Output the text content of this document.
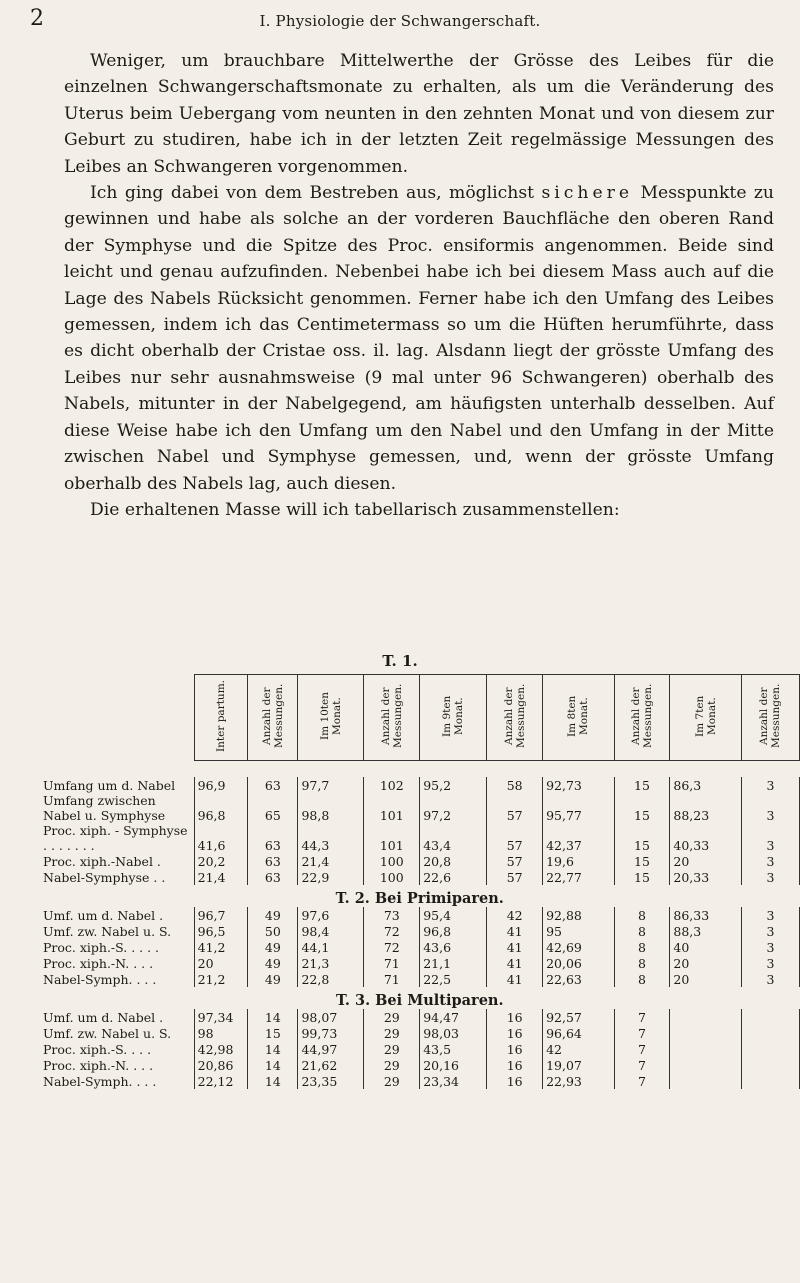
2	I. Physiologie der Schwangerschaft.

Weniger, um brauchbare Mittelwerthe der Grösse des Leibes für die einzelnen Schwangerschaftsmonate zu erhalten, als um die Veränderung des Uterus beim Uebergang vom neunten in den zehnten Monat und von diesem zur Geburt zu studiren, habe ich in der letzten Zeit regelmässige Messungen des Leibes an Schwangeren vorgenommen.

Ich ging dabei von dem Bestreben aus, möglichst sichere Messpunkte zu gewinnen und habe als solche an der vorderen Bauchfläche den oberen Rand der Symphyse und die Spitze des Proc. ensiformis angenommen. Beide sind leicht und genau aufzufinden. Nebenbei habe ich bei diesem Mass auch auf die Lage des Nabels Rücksicht genommen. Ferner habe ich den Umfang des Leibes gemessen, indem ich das Centimetermass so um die Hüften herumführte, dass es dicht oberhalb der Cristae oss. il. lag. Alsdann liegt der grösste Umfang des Leibes nur sehr ausnahmsweise (9 mal unter 96 Schwangeren) oberhalb des Nabels, mitunter in der Nabelgegend, am häufigsten unterhalb desselben. Auf diese Weise habe ich den Umfang um den Nabel und den Umfang in der Mitte zwischen Nabel und Symphyse gemessen, und, wenn der grösste Umfang oberhalb des Nabels lag, auch diesen.

Die erhaltenen Masse will ich tabellarisch zusammenstellen:

T. 1.
	Inter partum.	Anzahl der Messungen.	Im 10ten Monat.	Anzahl der Messungen.	Im 9ten Monat.	Anzahl der Messungen.	Im 8ten Monat.	Anzahl der Messungen.	Im 7ten Monat.	Anzahl der Messungen.

Umfang um d. Nabel	96,9	63	97,7	102	95,2	58	92,73	15	86,3	3
Umfang zwischen Nabel u. Symphyse	96,8	65	98,8	101	97,2	57	95,77	15	88,23	3
Proc. xiph. - Symphyse . . . . . . .	41,6	63	44,3	101	43,4	57	42,37	15	40,33	3
Proc. xiph.-Nabel .	20,2	63	21,4	100	20,8	57	19,6	15	20	3
Nabel-Symphyse . .	21,4	63	22,9	100	22,6	57	22,77	15	20,33	3
T. 2. Bei Primiparen.										
Umf. um d. Nabel .	96,7	49	97,6	73	95,4	42	92,88	8	86,33	3
Umf. zw. Nabel u. S.	96,5	50	98,4	72	96,8	41	95	8	88,3	3
Proc. xiph.-S. . . . .	41,2	49	44,1	72	43,6	41	42,69	8	40	3
Proc. xiph.-N. . . .	20	49	21,3	71	21,1	41	20,06	8	20	3
Nabel-Symph. . . .	21,2	49	22,8	71	22,5	41	22,63	8	20	3
T. 3. Bei Multiparen.										
Umf. um d. Nabel .	97,34	14	98,07	29	94,47	16	92,57	7		
Umf. zw. Nabel u. S.	98	15	99,73	29	98,03	16	96,64	7		
Proc. xiph.-S. . . .	42,98	14	44,97	29	43,5	16	42	7		
Proc. xiph.-N. . . .	20,86	14	21,62	29	20,16	16	19,07	7		
Nabel-Symph. . . .	22,12	14	23,35	29	23,34	16	22,93	7		
